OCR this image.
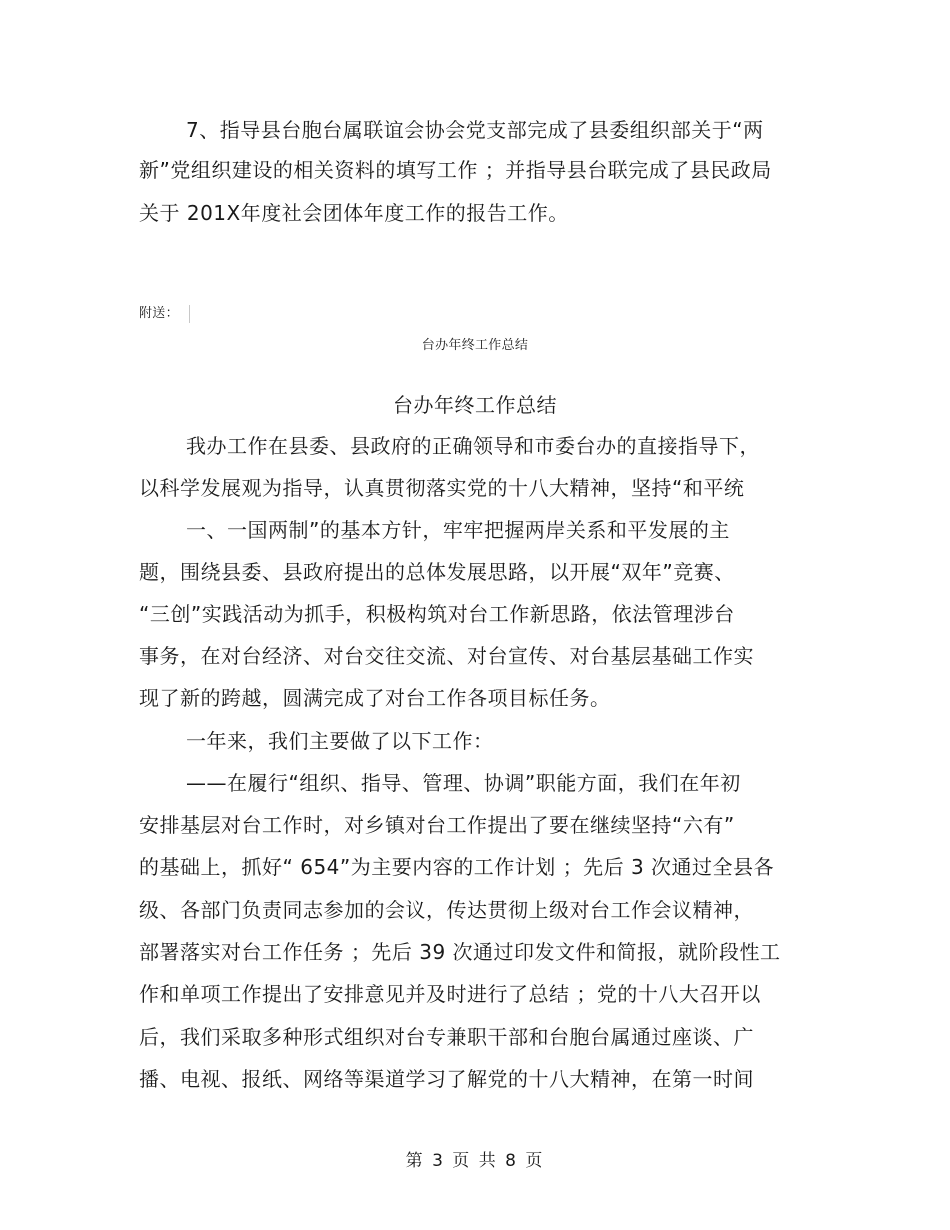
7、指导县台胞台属联谊会协会党支部完成了县委组织部关于“两
新”党组织建设的相关资料的填写工作 ；并指导县台联完成了县民政局
关于 201X年度社会团体年度工作的报告工作。
附送：
台办年终工作总结
台办年终工作总结
我办工作在县委、县政府的正确领导和市委台办的直接指导下，
以科学发展观为指导，认真贯彻落实党的十八大精神，坚持“和平统
一、一国两制”的基本方针，牢牢把握两岸关系和平发展的主
题，围绕县委、县政府提出的总体发展思路，以开展“双年”竞赛、
“三创”实践活动为抓手，积极构筑对台工作新思路，依法管理涉台
事务，在对台经济、对台交往交流、对台宣传、对台基层基础工作实
现了新的跨越，圆满完成了对台工作各项目标任务。
一年来，我们主要做了以下工作：
——在履行“组织、指导、管理、协调”职能方面，我们在年初
安排基层对台工作时，对乡镇对台工作提出了要在继续坚持“六有”
的基础上，抓好“ 654”为主要内容的工作计划 ；先后 3 次通过全县各
级、各部门负责同志参加的会议，传达贯彻上级对台工作会议精神，
部署落实对台工作任务 ；先后 39 次通过印发文件和简报，就阶段性工
作和单项工作提出了安排意见并及时进行了总结 ；党的十八大召开以
后，我们采取多种形式组织对台专兼职干部和台胞台属通过座谈、广
播、电视、报纸、网络等渠道学习了解党的十八大精神，在第一时间
第 3 页 共 8 页
